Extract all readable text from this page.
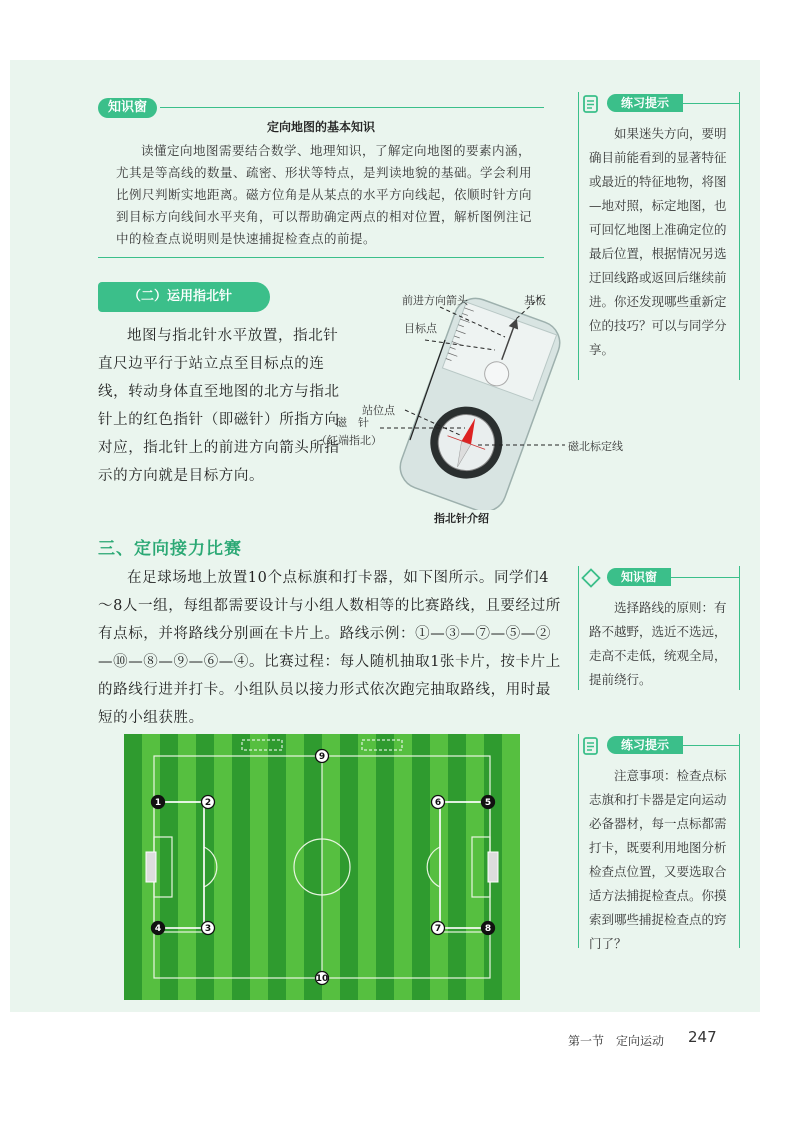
知识窗
定向地图的基本知识
读懂定向地图需要结合数学、地理知识，了解定向地图的要素内涵，尤其是等高线的数量、疏密、形状等特点，是判读地貌的基础。学会利用比例尺判断实地距离。磁方位角是从某点的水平方向线起，依顺时针方向到目标方向线间水平夹角，可以帮助确定两点的相对位置，解析图例注记中的检查点说明则是快速捕捉检查点的前提。
练习提示
如果迷失方向，要明确目前能看到的显著特征或最近的特征地物，将图—地对照，标定地图，也可回忆地图上准确定位的最后位置，根据情况另选迂回线路或返回后继续前进。你还发现哪些重新定位的技巧？可以与同学分享。
（二）运用指北针
地图与指北针水平放置，指北针直尺边平行于站立点至目标点的连线，转动身体直至地图的北方与指北针上的红色指针（即磁针）所指方向对应，指北针上的前进方向箭头所指示的方向就是目标方向。
前进方向箭头	基板
目标点
站位点
磁　针
（红端指北）	磁北标定线
指北针介绍
三、定向接力比赛
在足球场地上放置10个点标旗和打卡器，如下图所示。同学们4～8人一组，每组都需要设计与小组人数相等的比赛路线，且要经过所有点标，并将路线分别画在卡片上。路线示例：①—③—⑦—⑤—②—⑩—⑧—⑨—⑥—④。比赛过程：每人随机抽取1张卡片，按卡片上的路线行进并打卡。小组队员以接力形式依次跑完抽取路线，用时最短的小组获胜。
知识窗
选择路线的原则：有路不越野，选近不选远，走高不走低，统观全局，提前绕行。
练习提示
注意事项：检查点标志旗和打卡器是定向运动必备器材，每一点标都需打卡，既要利用地图分析检查点位置，又要选取合适方法捕捉检查点。你摸索到哪些捕捉检查点的窍门了？
1	2
3
4
5
6
7	8
9
10
第一节　定向运动 247
